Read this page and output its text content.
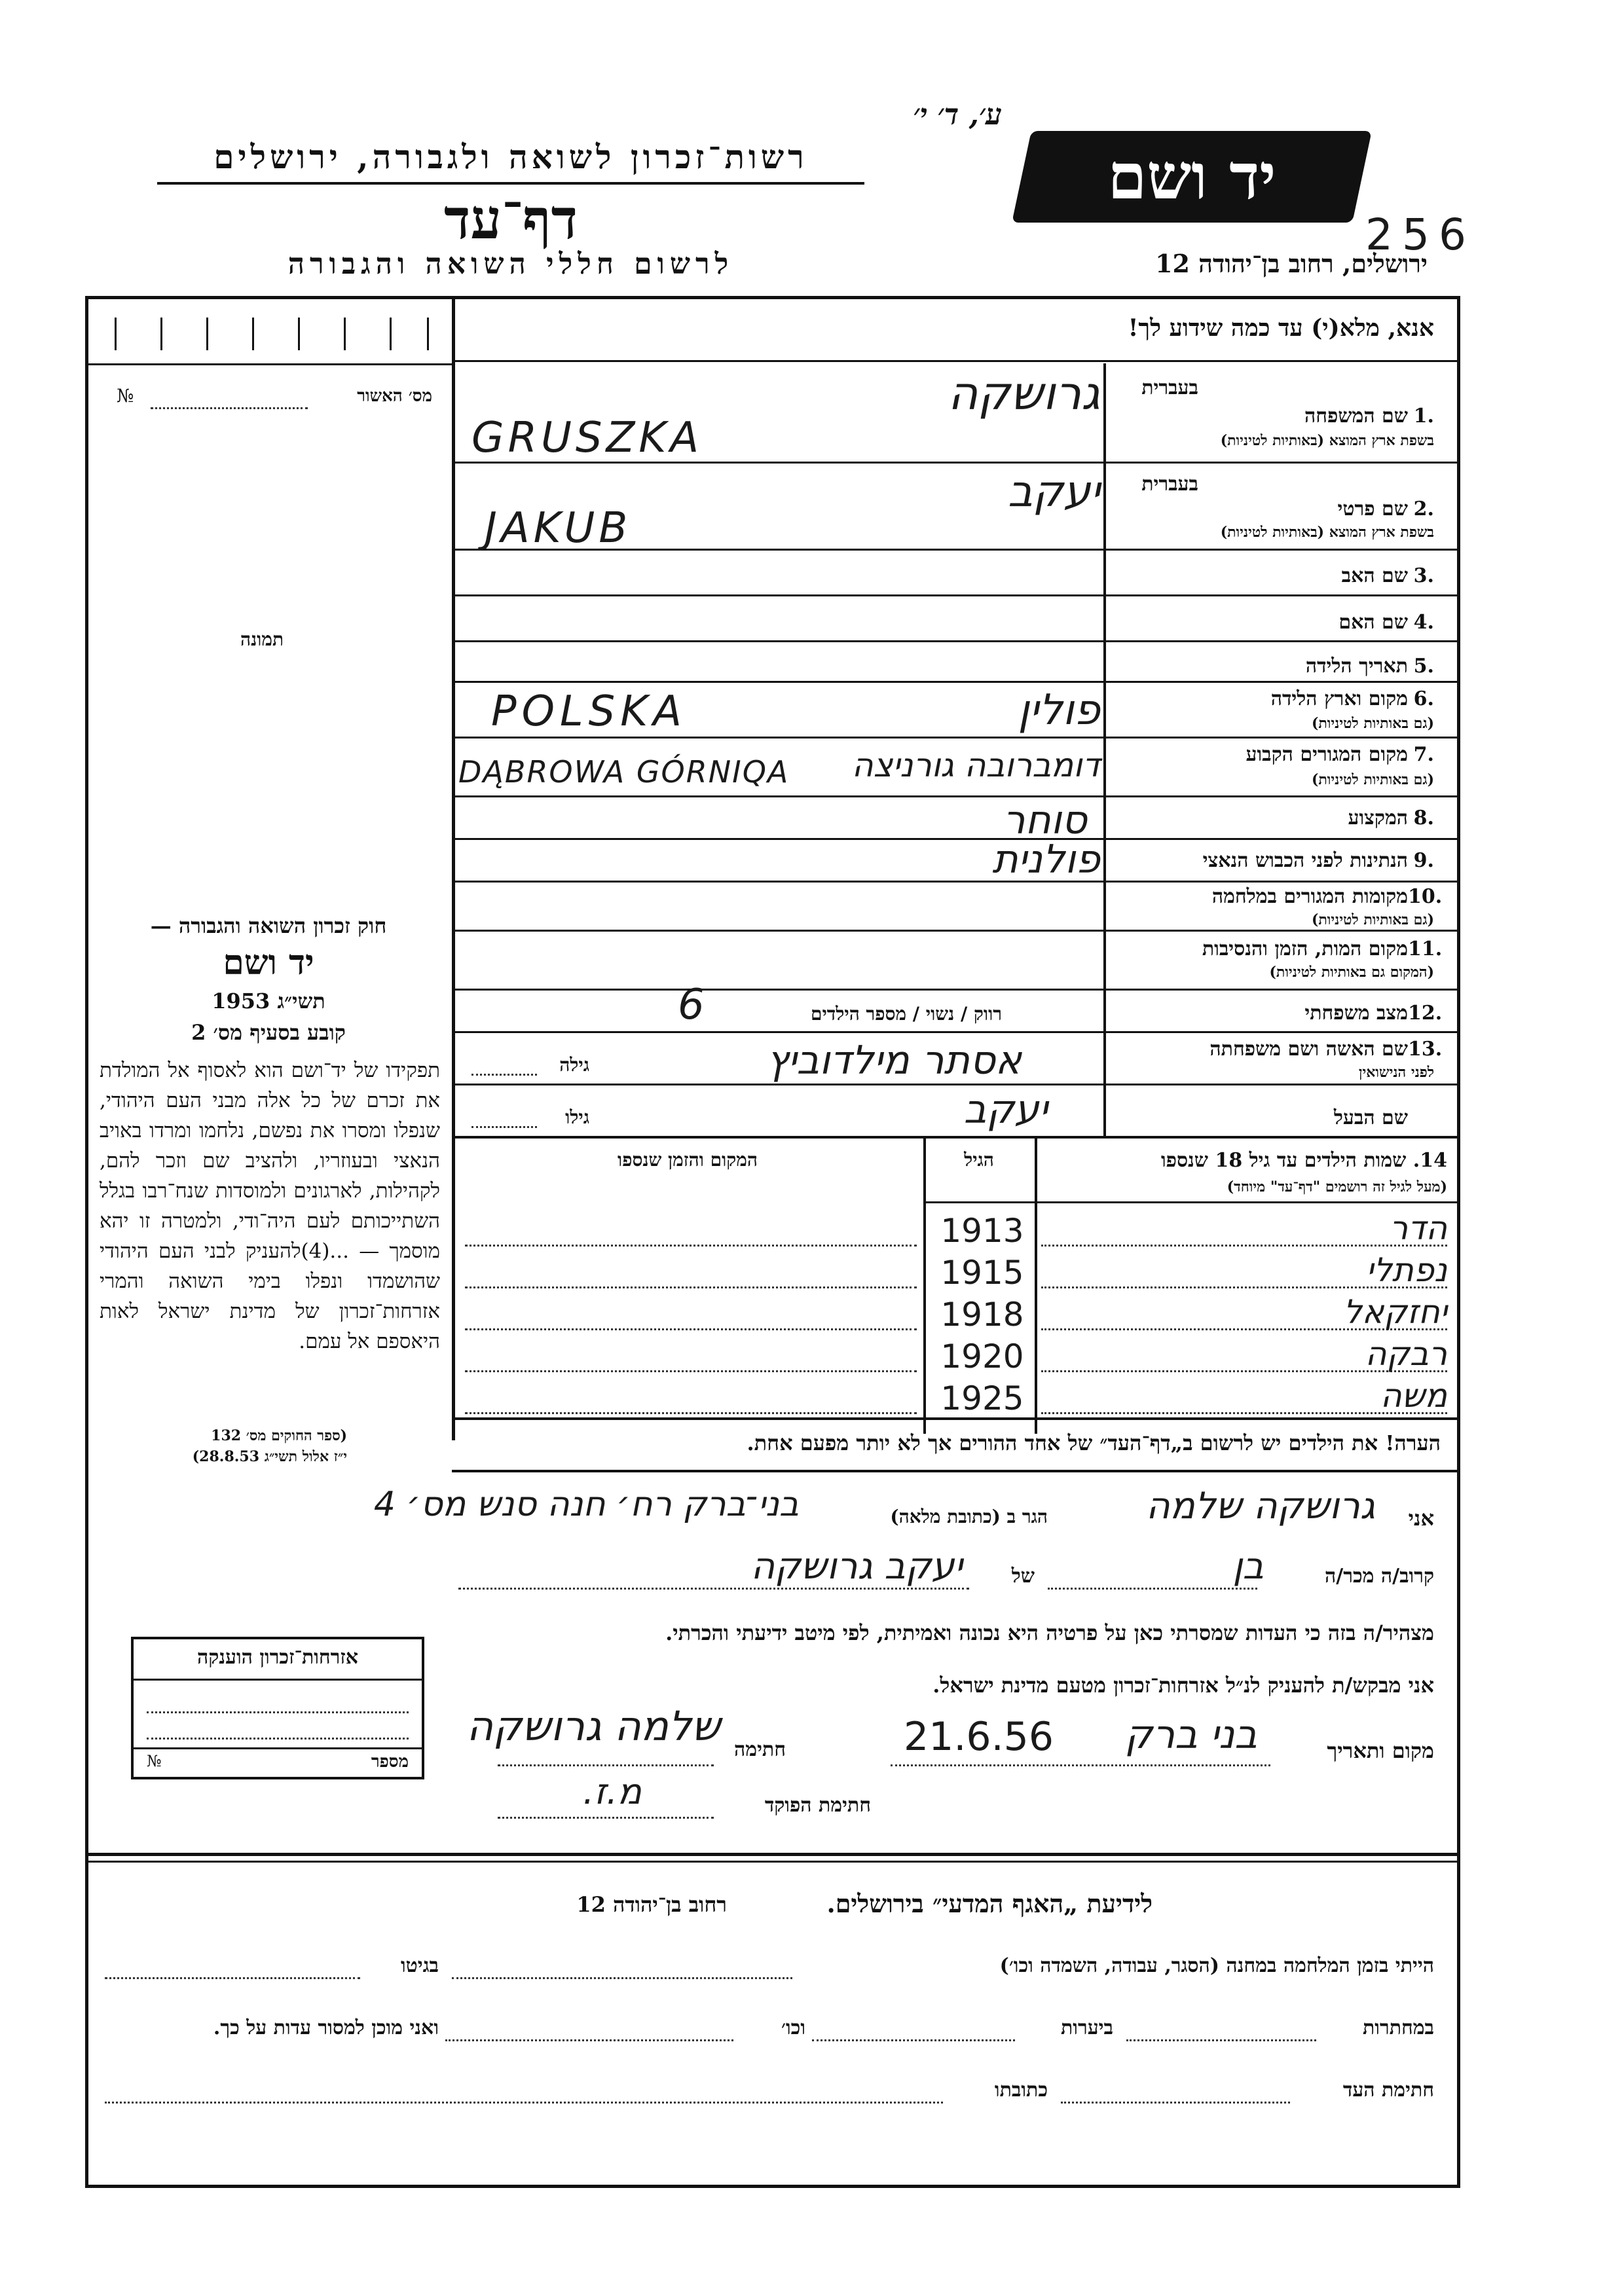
ע׳, ד׳ י׳
רשות־זכרון לשואה ולגבורה, ירושלים
דף־עד
לרשום חללי השואה והגבורה
יד ושם
256
ירושלים, רחוב בן־יהודה 12
אנא, מלא(י) עד כמה שידוע לך!
מס׳ האשור
№
תמונה
חוק זכרון השואה והגבורה —
יד ושם
תשי״ג 1953
קובע בסעיף מס׳ 2
תפקידו של יד־ושם הוא לאסוף אל המולדת את זכרם של כל אלה מבני העם היהודי, שנפלו ומסרו את נפשם, נלחמו ומרדו באויב הנאצי ובעוזריו, ולהציב שם וזכר להם, לקהילות, לארגונים ולמוסדות שנח־רבו בגלל השתייכותם לעם היה־ודי, ולמטרה זו יהא מוסמך — ...(4)להעניק לבני העם היהודי שהושמדו ונפלו בימי השואה והמרי אזרחות־זכרון של מדינת ישראל לאות היאספם אל עמם.
(ספר החוקים מס׳ 132
י״ז אלול תשי״ג 28.8.53)
בעברית
1.
שם המשפחה
בשפת ארץ המוצא (באותיות לטיניות)
גרושקה
GRUSZKA
בעברית
2.
שם פרטי
בשפת ארץ המוצא (באותיות לטיניות)
יעקב
JAKUB
3.
שם האב
4.
שם האם
5.
תאריך הלידה
6.
מקום וארץ הלידה
(גם באותיות לטיניות)
פולין
POLSKA
7.
מקום המגורים הקבוע
(גם באותיות לטיניות)
דומברובה גורניצה
DĄBROWA GÓRNIQA
8.
המקצוע
סוחר
9.
הנתינות לפני הכבוש הנאצי
פולנית
10.
מקומות המגורים במלחמה
(גם באותיות לטיניות)
11.
מקום המות, הזמן והנסיבות
(המקום גם באותיות לטיניות)
12.
מצב משפחתי
רווק / נשוי / מספר הילדים
6
13.
שם האשה ושם משפחתה
לפני הנישואין
גילה	אסתר מילדוביץ
שם הבעל
גילו	יעקב
14. שמות הילדים עד גיל 18 שנספו
(מעל לגיל זה רושמים "דף־עד" מיוחד)
הגיל
המקום והזמן שנספו
הדר
1913
נפתלי
1915
יחזקאל
1918
רבקה
1920
משה
1925
הערה! את הילדים יש לרשום ב„דף־העד״ של אחד ההורים אך לא יותר מפעם אחת.
אני
גרושקה שלמה
הגר ב (כתובת מלאה)
בני־ברק רח׳ חנה סנש מס׳ 4
קרוב/ה מכר/ה
בן
של
יעקב גרושקה
מצהיר/ה בזה כי העדות שמסרתי כאן על פרטיה היא נכונה ואמיתית, לפי מיטב ידיעתי והכרתי.
אני מבקש/ת להעניק לנ״ל אזרחות־זכרון מטעם מדינת ישראל.
מקום ותאריך
בני ברק
21.6.56
חתימה
שלמה גרושקה
חתימת הפוקד
מ.ז.
אזרחות־זכרון הוענקה
מספר
№
לידיעת „האגף המדעי״ בירושלים.
רחוב בן־יהודה 12
הייתי בזמן המלחמה במחנה (הסגר, עבודה, השמדה וכו׳)
בגיטו
במחתרות
ביערות
וכו׳
ואני מוכן למסור עדות על כך.
חתימת העד
כתובתו
